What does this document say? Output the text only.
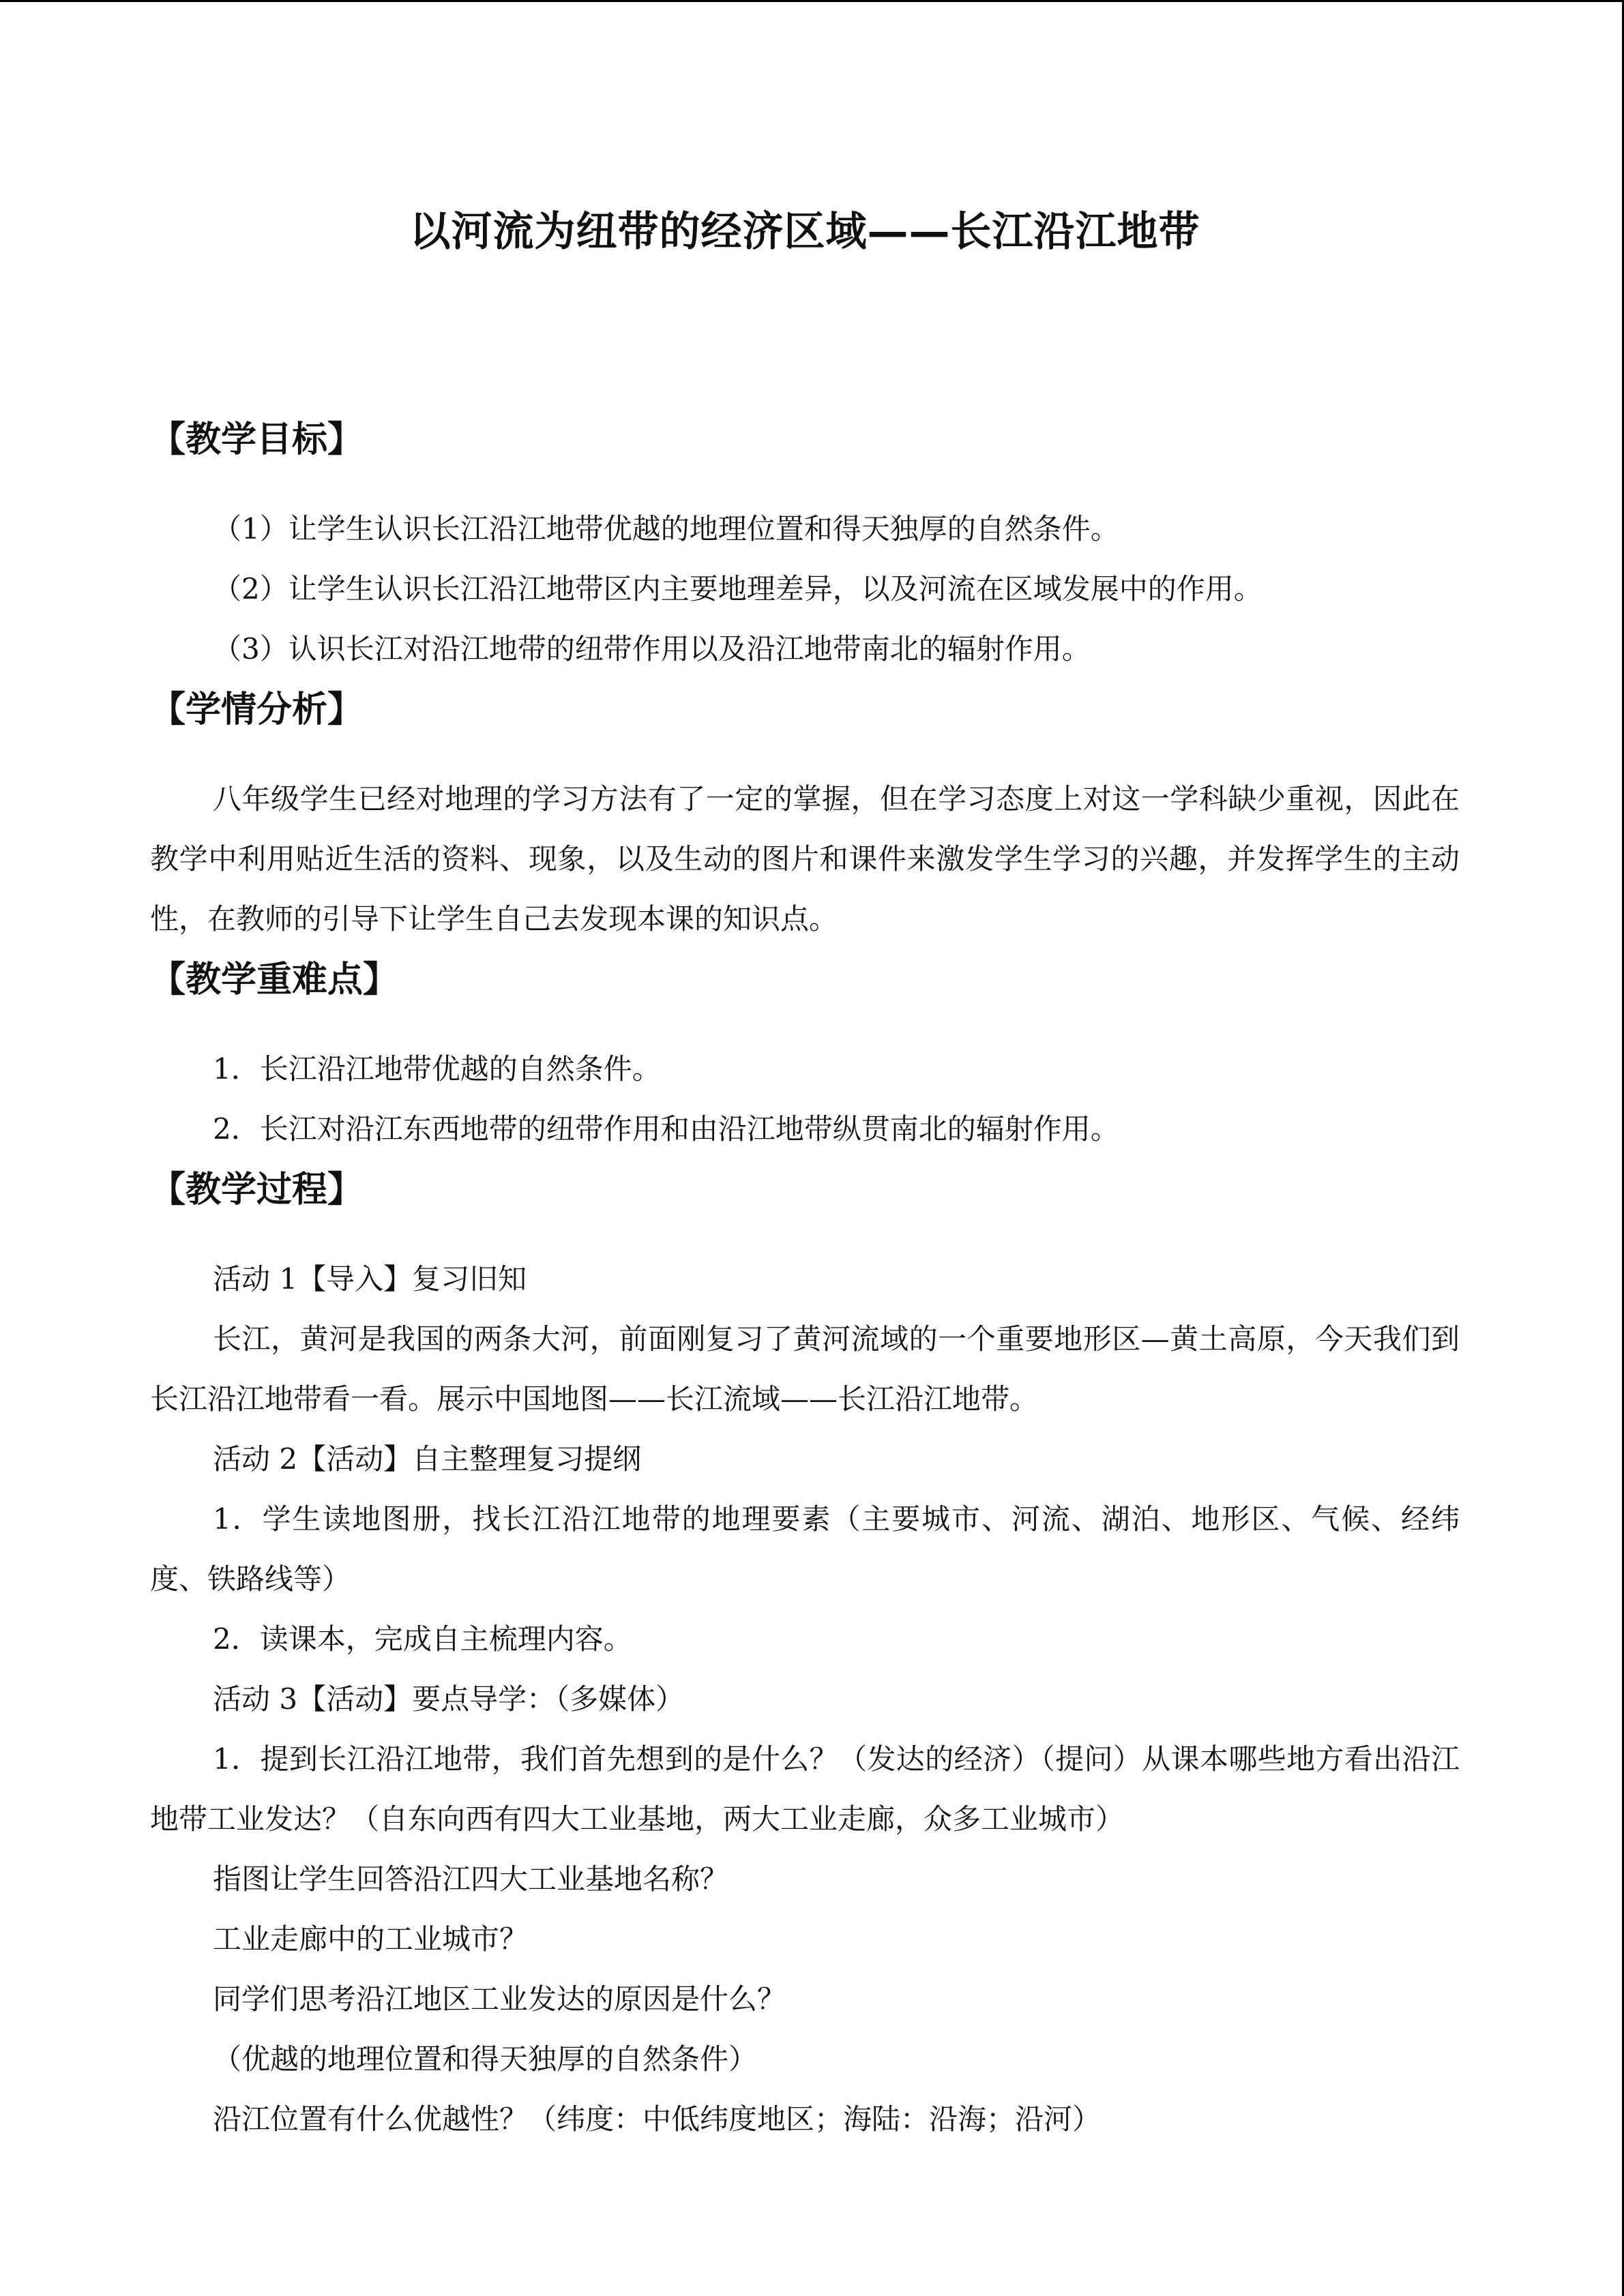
以河流为纽带的经济区域——长江沿江地带
【教学目标】

（1）让学生认识长江沿江地带优越的地理位置和得天独厚的自然条件。

（2）让学生认识长江沿江地带区内主要地理差异，以及河流在区域发展中的作用。

（3）认识长江对沿江地带的纽带作用以及沿江地带南北的辐射作用。

【学情分析】

八年级学生已经对地理的学习方法有了一定的掌握，但在学习态度上对这一学科缺少重视，因此在教学中利用贴近生活的资料、现象，以及生动的图片和课件来激发学生学习的兴趣，并发挥学生的主动性，在教师的引导下让学生自己去发现本课的知识点。

【教学重难点】

1．长江沿江地带优越的自然条件。

2．长江对沿江东西地带的纽带作用和由沿江地带纵贯南北的辐射作用。

【教学过程】

活动 1【导入】复习旧知

长江，黄河是我国的两条大河，前面刚复习了黄河流域的一个重要地形区—黄土高原，今天我们到长江沿江地带看一看。展示中国地图——长江流域——长江沿江地带。

活动 2【活动】自主整理复习提纲

1．学生读地图册，找长江沿江地带的地理要素（主要城市、河流、湖泊、地形区、气候、经纬度、铁路线等）

2．读课本，完成自主梳理内容。

活动 3【活动】要点导学：（多媒体）

1．提到长江沿江地带，我们首先想到的是什么？（发达的经济）（提问）从课本哪些地方看出沿江地带工业发达？（自东向西有四大工业基地，两大工业走廊，众多工业城市）

指图让学生回答沿江四大工业基地名称？

工业走廊中的工业城市？

同学们思考沿江地区工业发达的原因是什么？

（优越的地理位置和得天独厚的自然条件）

沿江位置有什么优越性？（纬度：中低纬度地区；海陆：沿海；沿河）
